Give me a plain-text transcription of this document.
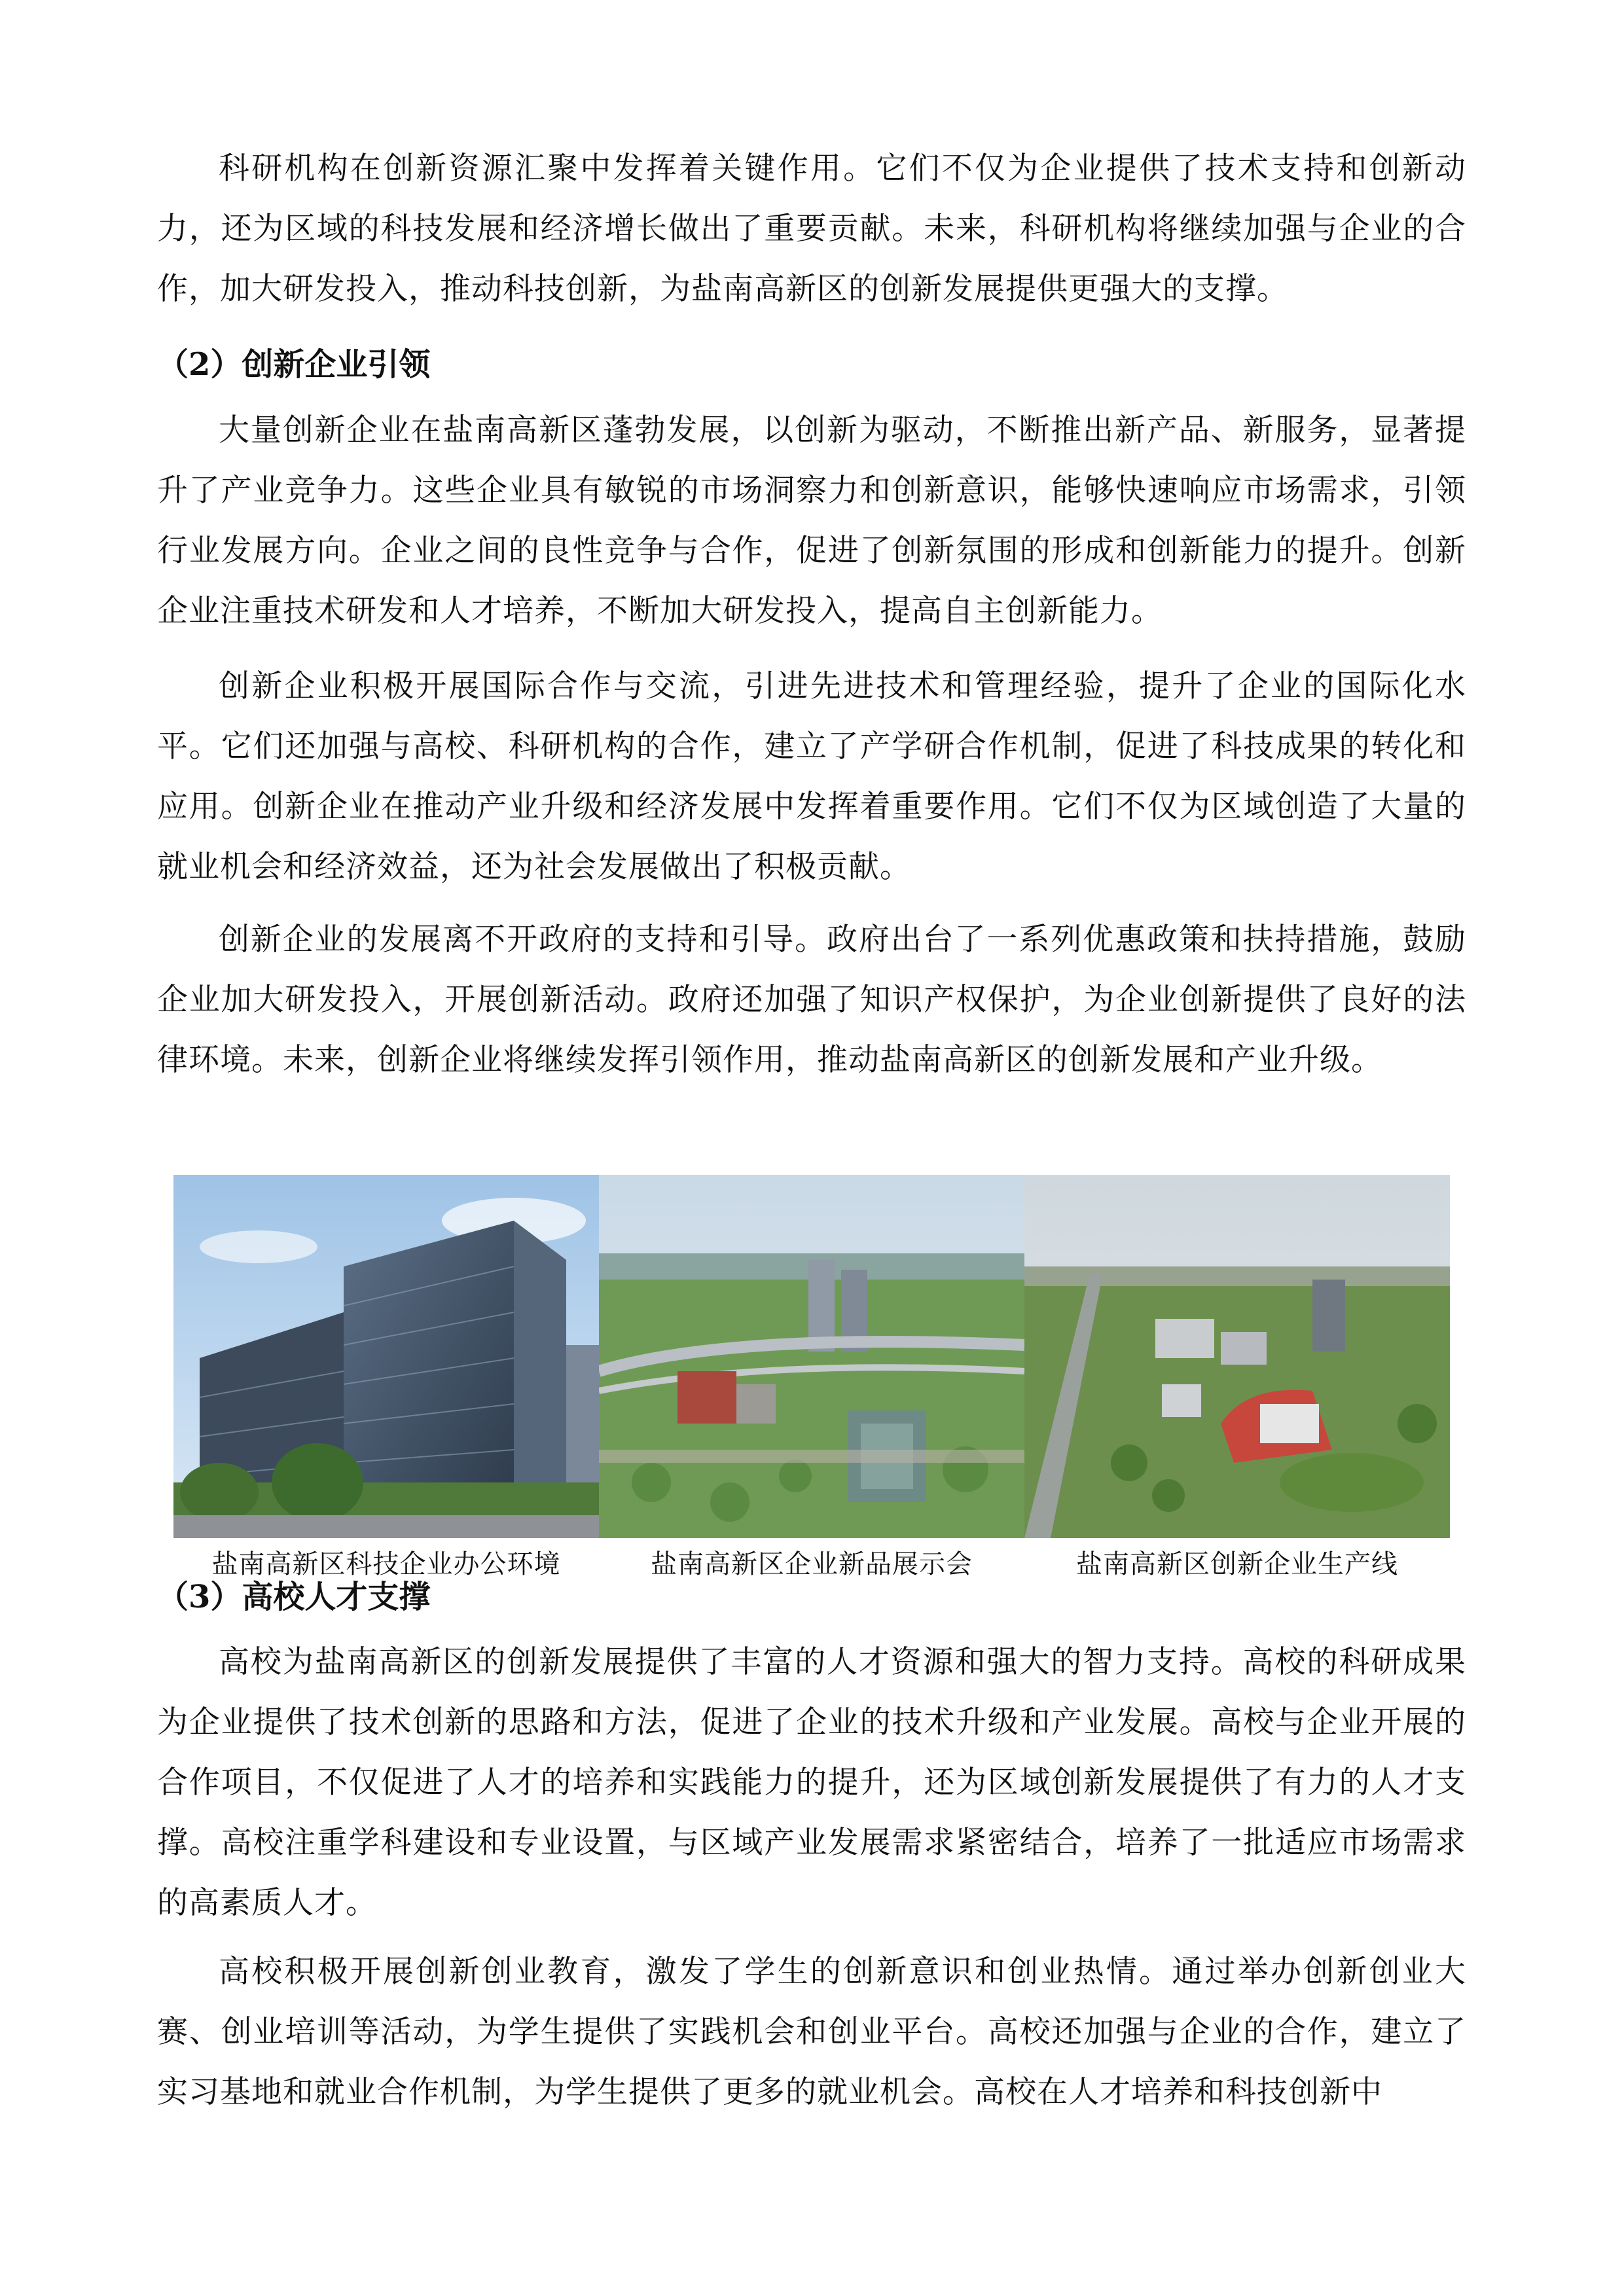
科研机构在创新资源汇聚中发挥着关键作用。它们不仅为企业提供了技术支持和创新动力，还为区域的科技发展和经济增长做出了重要贡献。未来，科研机构将继续加强与企业的合作，加大研发投入，推动科技创新，为盐南高新区的创新发展提供更强大的支撑。

（2）创新企业引领

大量创新企业在盐南高新区蓬勃发展，以创新为驱动，不断推出新产品、新服务，显著提升了产业竞争力。这些企业具有敏锐的市场洞察力和创新意识，能够快速响应市场需求，引领行业发展方向。企业之间的良性竞争与合作，促进了创新氛围的形成和创新能力的提升。创新企业注重技术研发和人才培养，不断加大研发投入，提高自主创新能力。

创新企业积极开展国际合作与交流，引进先进技术和管理经验，提升了企业的国际化水平。它们还加强与高校、科研机构的合作，建立了产学研合作机制，促进了科技成果的转化和应用。创新企业在推动产业升级和经济发展中发挥着重要作用。它们不仅为区域创造了大量的就业机会和经济效益，还为社会发展做出了积极贡献。

创新企业的发展离不开政府的支持和引导。政府出台了一系列优惠政策和扶持措施，鼓励企业加大研发投入，开展创新活动。政府还加强了知识产权保护，为企业创新提供了良好的法律环境。未来，创新企业将继续发挥引领作用，推动盐南高新区的创新发展和产业升级。

盐南高新区科技企业办公环境	盐南高新区企业新品展示会	盐南高新区创新企业生产线

（3）高校人才支撑

高校为盐南高新区的创新发展提供了丰富的人才资源和强大的智力支持。高校的科研成果为企业提供了技术创新的思路和方法，促进了企业的技术升级和产业发展。高校与企业开展的合作项目，不仅促进了人才的培养和实践能力的提升，还为区域创新发展提供了有力的人才支撑。高校注重学科建设和专业设置，与区域产业发展需求紧密结合，培养了一批适应市场需求的高素质人才。

高校积极开展创新创业教育，激发了学生的创新意识和创业热情。通过举办创新创业大赛、创业培训等活动，为学生提供了实践机会和创业平台。高校还加强与企业的合作，建立了实习基地和就业合作机制，为学生提供了更多的就业机会。高校在人才培养和科技创新中
